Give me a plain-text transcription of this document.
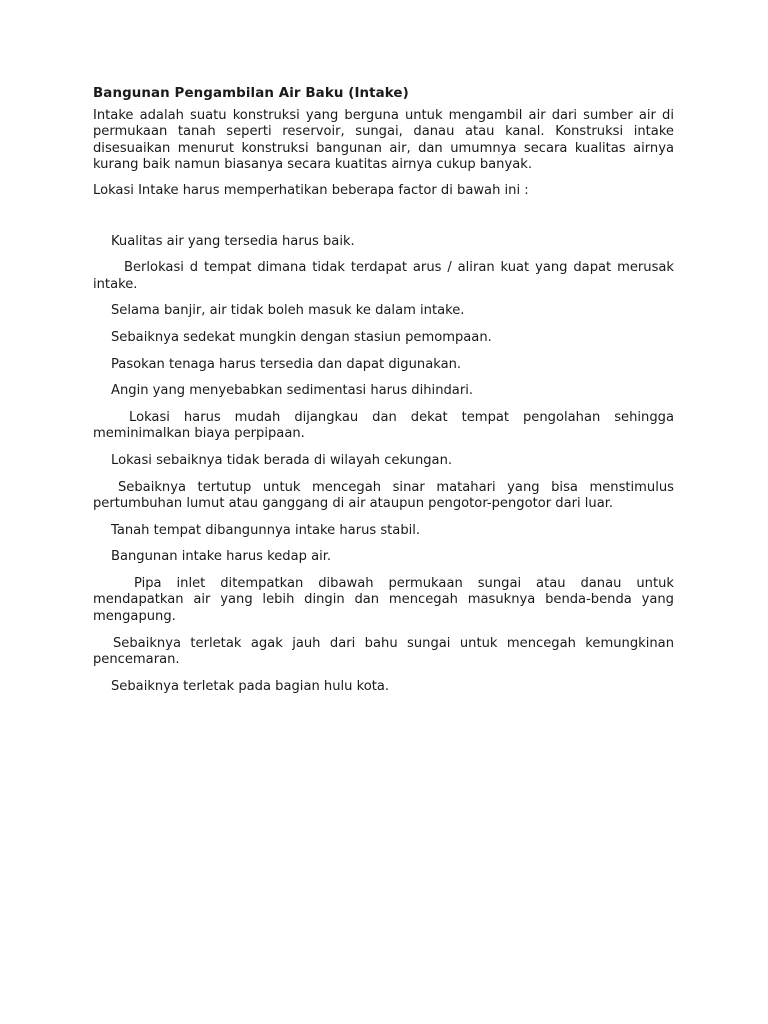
Bangunan Pengambilan Air Baku (Intake)

Intake adalah suatu konstruksi yang berguna untuk mengambil air dari sumber air di permukaan tanah seperti reservoir, sungai, danau atau kanal. Konstruksi intake disesuaikan menurut konstruksi bangunan air, dan umumnya secara kualitas airnya kurang baik namun biasanya secara kuatitas airnya cukup banyak.

Lokasi Intake harus memperhatikan beberapa factor di bawah ini :

Kualitas air yang tersedia harus baik.
Berlokasi d tempat dimana tidak terdapat arus / aliran kuat yang dapat merusak intake.
Selama banjir, air tidak boleh masuk ke dalam intake.
Sebaiknya sedekat mungkin dengan stasiun pemompaan.
Pasokan tenaga harus tersedia dan dapat digunakan.
Angin yang menyebabkan sedimentasi harus dihindari.
Lokasi harus mudah dijangkau dan dekat tempat pengolahan sehingga meminimalkan biaya perpipaan.
Lokasi sebaiknya tidak berada di wilayah cekungan.
Sebaiknya tertutup untuk mencegah sinar matahari yang bisa menstimulus pertumbuhan lumut atau ganggang di air ataupun pengotor-pengotor dari luar.
Tanah tempat dibangunnya intake harus stabil.
Bangunan intake harus kedap air.
Pipa inlet ditempatkan dibawah permukaan sungai atau danau untuk mendapatkan air yang lebih dingin dan mencegah masuknya benda-benda yang mengapung.
Sebaiknya terletak agak jauh dari bahu sungai untuk mencegah kemungkinan pencemaran.
Sebaiknya terletak pada bagian hulu kota.
